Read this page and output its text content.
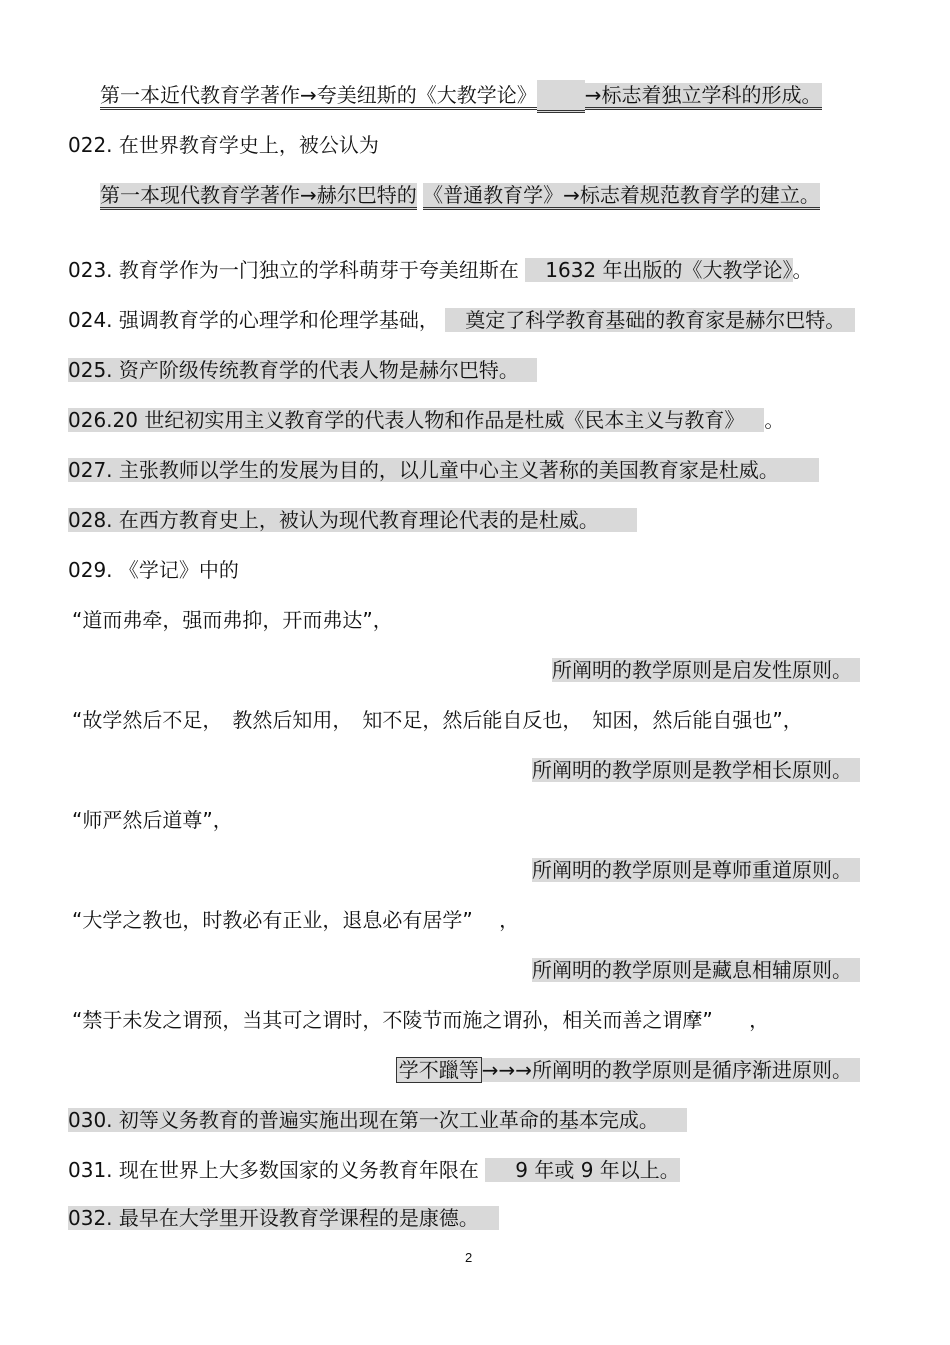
第一本近代教育学著作→夸美纽斯的《大教学论》 →标志着独立学科的形成。
022. 在世界教育学史上，被公认为
第一本现代教育学著作→赫尔巴特的 《普通教育学》→标志着规范教育学的建立。
023. 教育学作为一门独立的学科萌芽于夸美纽斯在 1632 年出版的《大教学论》。
024. 强调教育学的心理学和伦理学基础， 奠定了科学教育基础的教育家是赫尔巴特。
025. 资产阶级传统教育学的代表人物是赫尔巴特。
026.20 世纪初实用主义教育学的代表人物和作品是杜威《民本主义与教育》 。
027. 主张教师以学生的发展为目的，以儿童中心主义著称的美国教育家是杜威。
028. 在西方教育史上，被认为现代教育理论代表的是杜威。
029. 《学记》中的
“道而弗牵，强而弗抑，开而弗达”，
所阐明的教学原则是启发性原则。
“故学然后不足，　教然后知用，　知不足，然后能自反也，　知困，然后能自强也”，
所阐明的教学原则是教学相长原则。
“师严然后道尊”，
所阐明的教学原则是尊师重道原则。
“大学之教也，时教必有正业，退息必有居学” ，
所阐明的教学原则是藏息相辅原则。
“禁于未发之谓预，当其可之谓时，不陵节而施之谓孙，相关而善之谓摩” ，
学不躐等 →→→所阐明的教学原则是循序渐进原则。
030. 初等义务教育的普遍实施出现在第一次工业革命的基本完成。
031. 现在世界上大多数国家的义务教育年限在 9 年或 9 年以上。
032. 最早在大学里开设教育学课程的是康德。
2
